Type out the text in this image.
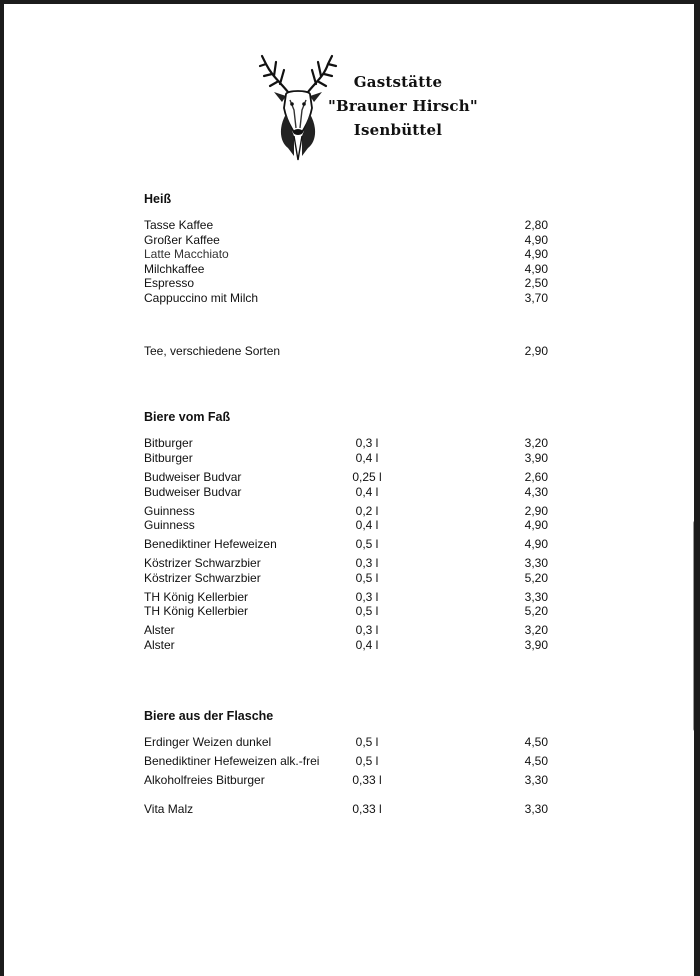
Gaststätte
"Brauner Hirsch"
Isenbüttel
Heiß
Tasse Kaffee	2,80
Großer Kaffee	4,90
Latte Macchiato	4,90
Milchkaffee	4,90
Espresso	2,50
Cappuccino mit Milch	3,70
Tee, verschiedene Sorten	2,90
Biere vom Faß
Bitburger	0,3 l	3,20
Bitburger	0,4 l	3,90
Budweiser Budvar	0,25 l	2,60
Budweiser Budvar	0,4 l	4,30
Guinness	0,2 l	2,90
Guinness	0,4 l	4,90
Benediktiner Hefeweizen	0,5 l	4,90
Köstrizer Schwarzbier	0,3 l	3,30
Köstrizer Schwarzbier	0,5 l	5,20
TH König Kellerbier	0,3 l	3,30
TH König Kellerbier	0,5 l	5,20
Alster	0,3 l	3,20
Alster	0,4 l	3,90
Biere aus der Flasche
Erdinger Weizen dunkel	0,5 l	4,50
Benediktiner Hefeweizen alk.-frei	0,5 l	4,50
Alkoholfreies Bitburger	0,33 l	3,30
Vita Malz	0,33 l	3,30
